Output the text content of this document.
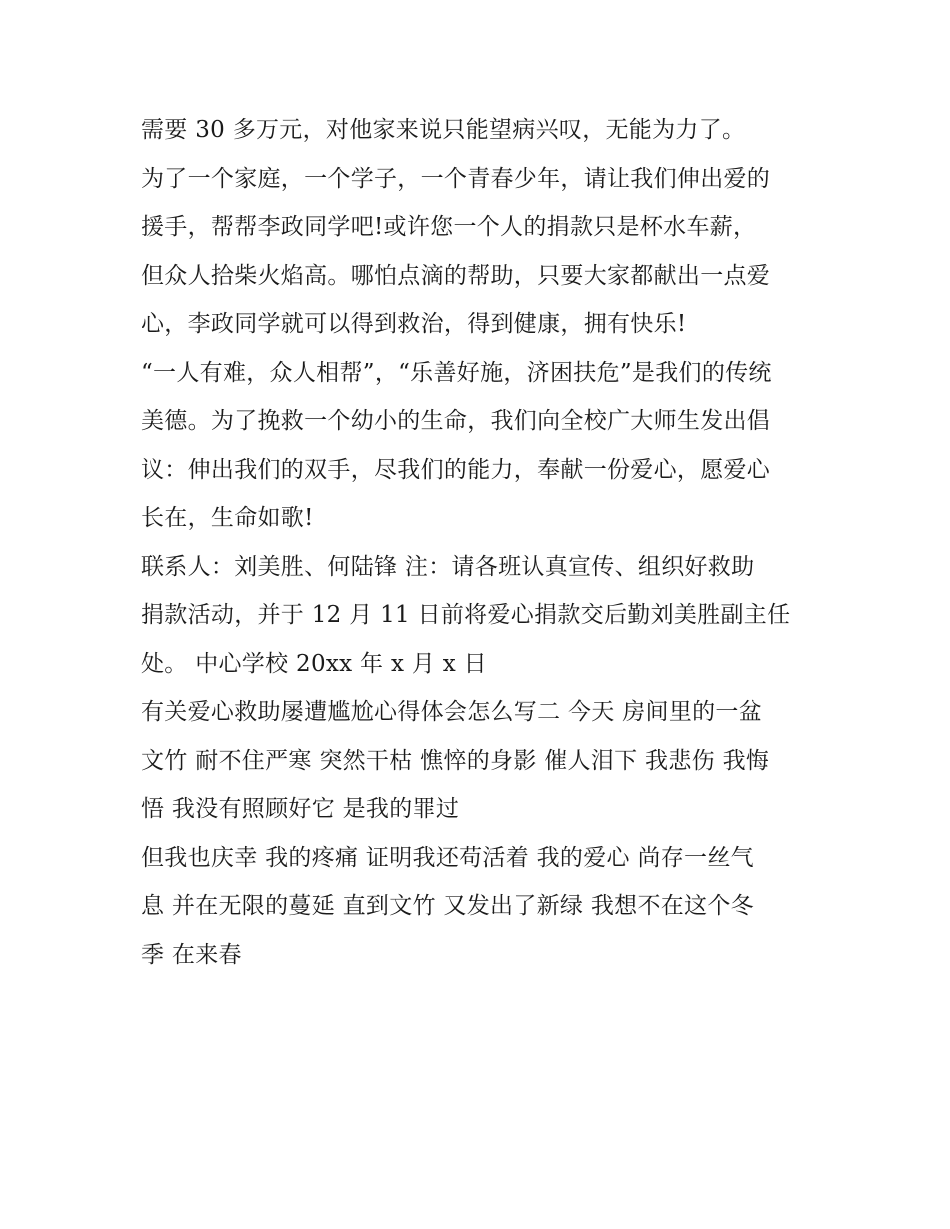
需要 30 多万元，对他家来说只能望病兴叹，无能为力了。

为了一个家庭，一个学子，一个青春少年，请让我们伸出爱的

援手，帮帮李政同学吧!或许您一个人的捐款只是杯水车薪，

但众人拾柴火焰高。哪怕点滴的帮助，只要大家都献出一点爱

心，李政同学就可以得到救治，得到健康，拥有快乐!

“一人有难，众人相帮”，“乐善好施，济困扶危”是我们的传统

美德。为了挽救一个幼小的生命，我们向全校广大师生发出倡

议：伸出我们的双手，尽我们的能力，奉献一份爱心，愿爱心

长在，生命如歌!

联系人：刘美胜、何陆锋 注：请各班认真宣传、组织好救助

捐款活动，并于 12 月 11 日前将爱心捐款交后勤刘美胜副主任

处。 中心学校 20xx 年 x 月 x 日

有关爱心救助屡遭尴尬心得体会怎么写二 今天 房间里的一盆

文竹 耐不住严寒 突然干枯 憔悴的身影 催人泪下 我悲伤 我悔

悟 我没有照顾好它 是我的罪过

但我也庆幸 我的疼痛 证明我还苟活着 我的爱心 尚存一丝气

息 并在无限的蔓延 直到文竹 又发出了新绿 我想不在这个冬

季 在来春
